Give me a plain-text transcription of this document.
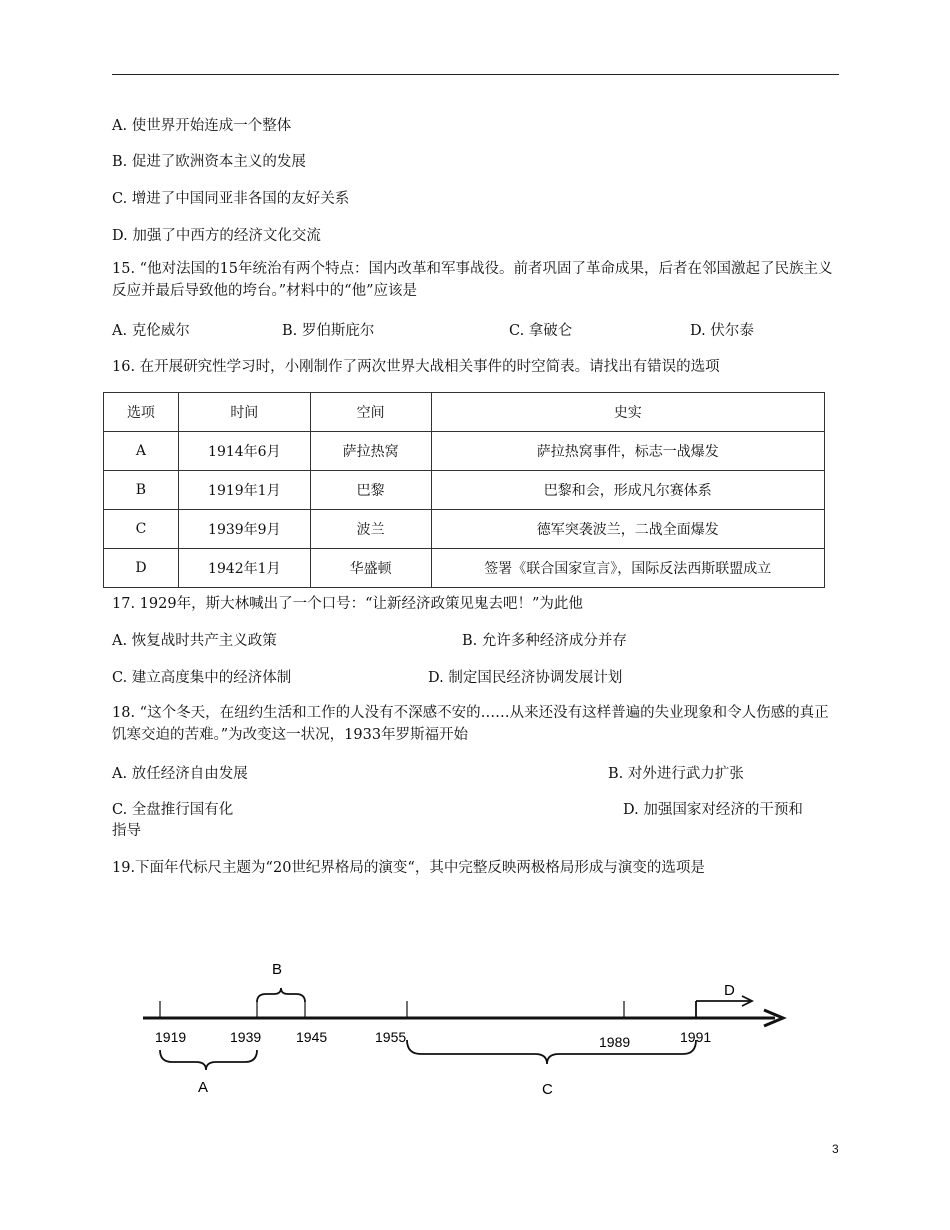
A. 使世界开始连成一个整体
B. 促进了欧洲资本主义的发展
C. 增进了中国同亚非各国的友好关系
D. 加强了中西方的经济文化交流
15. “他对法国的15年统治有两个特点：国内改革和军事战役。前者巩固了革命成果，后者在邻国激起了民族主义反应并最后导致他的垮台。”材料中的“他”应该是
A. 克伦威尔	B. 罗伯斯庇尔	C. 拿破仑	D. 伏尔泰
16. 在开展研究性学习时，小刚制作了两次世界大战相关事件的时空简表。请找出有错误的选项
选项	时间	空间	史实
A	1914年6月	萨拉热窝	萨拉热窝事件，标志一战爆发
B	1919年1月	巴黎	巴黎和会，形成凡尔赛体系
C	1939年9月	波兰	德军突袭波兰，二战全面爆发
D	1942年1月	华盛顿	签署《联合国家宣言》，国际反法西斯联盟成立
17. 1929年，斯大林喊出了一个口号：“让新经济政策见鬼去吧！”为此他
A. 恢复战时共产主义政策	B. 允许多种经济成分并存
C. 建立高度集中的经济体制	D. 制定国民经济协调发展计划
18. “这个冬天，在纽约生活和工作的人没有不深感不安的……从来还没有这样普遍的失业现象和令人伤感的真正饥寒交迫的苦难。”为改变这一状况，1933年罗斯福开始
A. 放任经济自由发展	B. 对外进行武力扩张
C. 全盘推行国有化	D. 加强国家对经济的干预和
指导
19.下面年代标尺主题为“20世纪界格局的演变“，其中完整反映两极格局形成与演变的选项是
1919	1939 1945	1955	1989	1991
A
B
C
D
3
